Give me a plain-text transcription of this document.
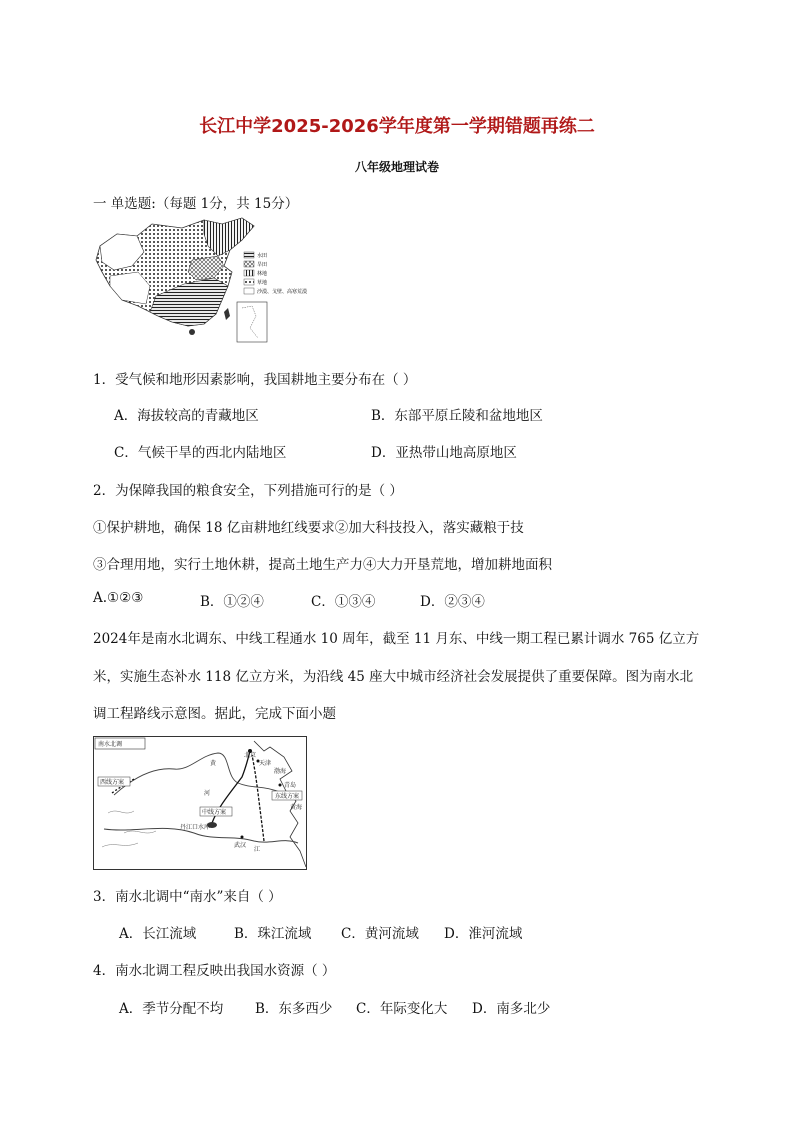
长江中学2025-2026学年度第一学期错题再练二
八年级地理试卷
一 单选题:（每题 1分，共 15分）
水田
旱田
林地
草地
沙漠、戈壁、高寒荒漠
1．受气候和地形因素影响，我国耕地主要分布在（ ）
A．海拔较高的青藏地区	B．东部平原丘陵和盆地地区
C．气候干旱的西北内陆地区	D．亚热带山地高原地区
2．为保障我国的粮食安全，下列措施可行的是（ ）
①保护耕地，确保 18 亿亩耕地红线要求②加大科技投入，落实藏粮于技
③合理用地，实行土地休耕，提高土地生产力④大力开垦荒地，增加耕地面积
A.①②③	B．①②④	C．①③④	D．②③④
2024年是南水北调东、中线工程通水 10 周年，截至 11 月东、中线一期工程已累计调水 765 亿立方
米，实施生态补水 118 亿立方米，为沿线 45 座大中城市经济社会发展提供了重要保障。图为南水北
调工程路线示意图。据此，完成下面小题
南水北调
北京
天津
渤海
青岛
东线方案
黄海
西线方案
中线方案
丹江口水库
武汉
黄
河
江
3．南水北调中“南水”来自（ ）
A．长江流域	B．珠江流域 C．黄河流域 D．淮河流域
4．南水北调工程反映出我国水资源（ ）
A．季节分配不均 B．东多西少 C．年际变化大 D．南多北少
